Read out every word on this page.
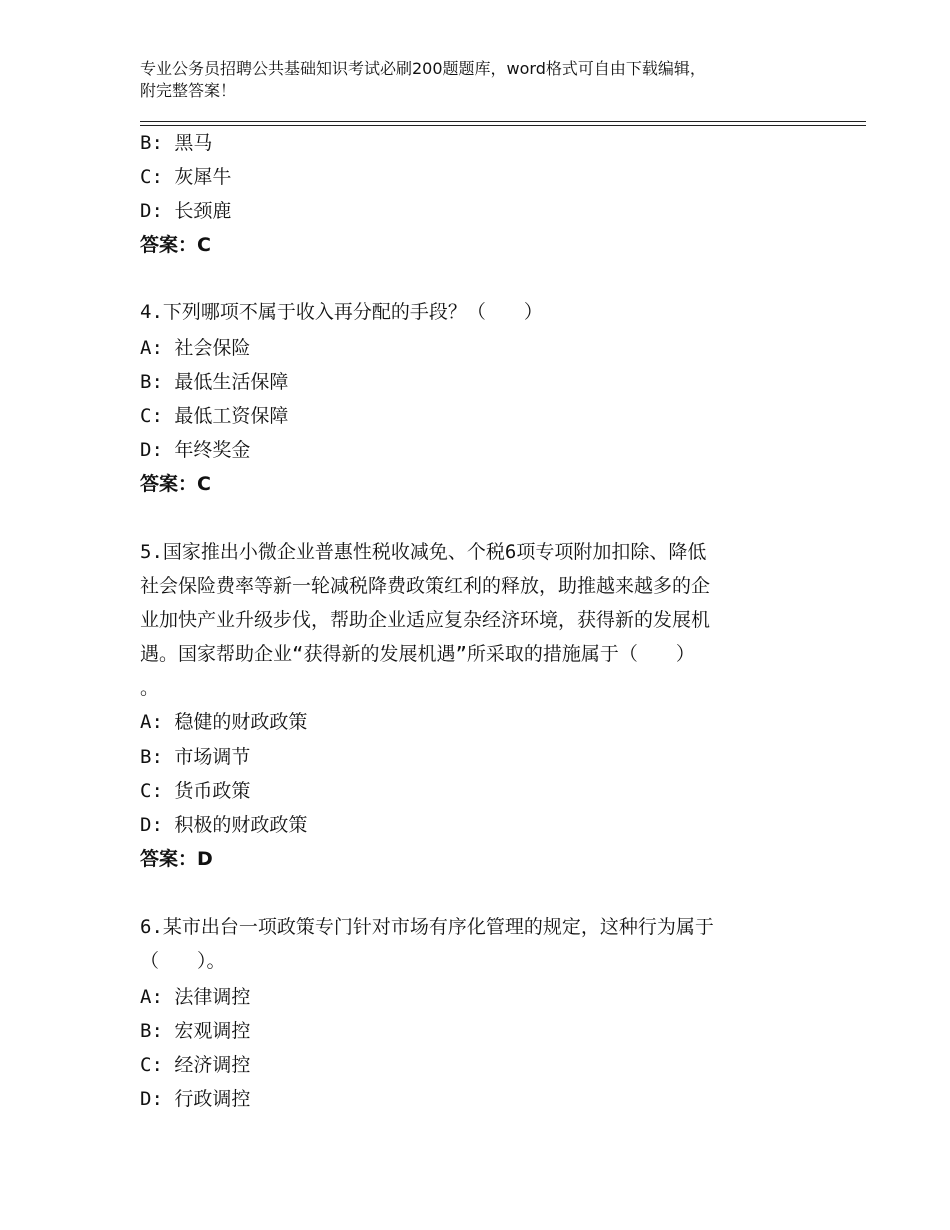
专业公务员招聘公共基础知识考试必刷200题题库，word格式可自由下载编辑，
附完整答案！
B: 黑马
C: 灰犀牛
D: 长颈鹿
答案：C
4.下列哪项不属于收入再分配的手段？（　　）
A: 社会保险
B: 最低生活保障
C: 最低工资保障
D: 年终奖金
答案：C
5.国家推出小微企业普惠性税收减免、个税6项专项附加扣除、降低
社会保险费率等新一轮减税降费政策红利的释放，助推越来越多的企
业加快产业升级步伐，帮助企业适应复杂经济环境，获得新的发展机
遇。国家帮助企业“获得新的发展机遇”所采取的措施属于（　　）
。
A: 稳健的财政政策
B: 市场调节
C: 货币政策
D: 积极的财政政策
答案：D
6.某市出台一项政策专门针对市场有序化管理的规定，这种行为属于
（　　）。
A: 法律调控
B: 宏观调控
C: 经济调控
D: 行政调控
